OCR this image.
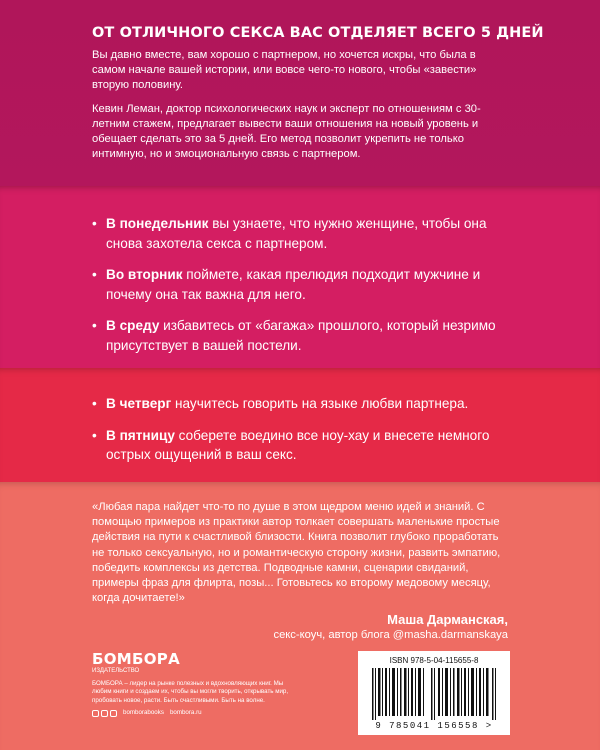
ОТ ОТЛИЧНОГО СЕКСА ВАС ОТДЕЛЯЕТ ВСЕГО 5 ДНЕЙ

Вы давно вместе, вам хорошо с партнером, но хочется искры, что была в самом начале вашей истории, или вовсе чего-то нового, чтобы «завести» вторую половину.

Кевин Леман, доктор психологических наук и эксперт по отношениям с 30-летним стажем, предлагает вывести ваши отношения на новый уровень и обещает сделать это за 5 дней. Его метод позволит укрепить не только интимную, но и эмоциональную связь с партнером.

• В понедельник вы узнаете, что нужно женщине, чтобы она снова захотела секса с партнером.
• Во вторник поймете, какая прелюдия подходит мужчине и почему она так важна для него.
• В среду избавитесь от «багажа» прошлого, который незримо присутствует в вашей постели.
• В четверг научитесь говорить на языке любви партнера.
• В пятницу соберете воедино все ноу-хау и внесете немного острых ощущений в ваш секс.

«Любая пара найдет что-то по душе в этом щедром меню идей и знаний. С помощью примеров из практики автор толкает совершать маленькие простые действия на пути к счастливой близости. Книга позволит глубоко проработать не только сексуальную, но и романтическую сторону жизни, развить эмпатию, победить комплексы из детства. Подводные камни, сценарии свиданий, примеры фраз для флирта, позы... Готовьтесь ко второму медовому месяцу, когда дочитаете!»

Маша Дарманская,
секс-коуч, автор блога @masha.darmanskaya
БОМБОРА
ИЗДАТЕЛЬСТВО
БОМБОРА – лидер на рынке полезных и вдохновляющих книг. Мы любим книги и создаем их, чтобы вы могли творить, открывать мир, пробовать новое, расти. Быть счастливыми. Быть на волне.
bomborabooks bombora.ru
ISBN 978-5-04-115655-8
9 785041 156558 >
